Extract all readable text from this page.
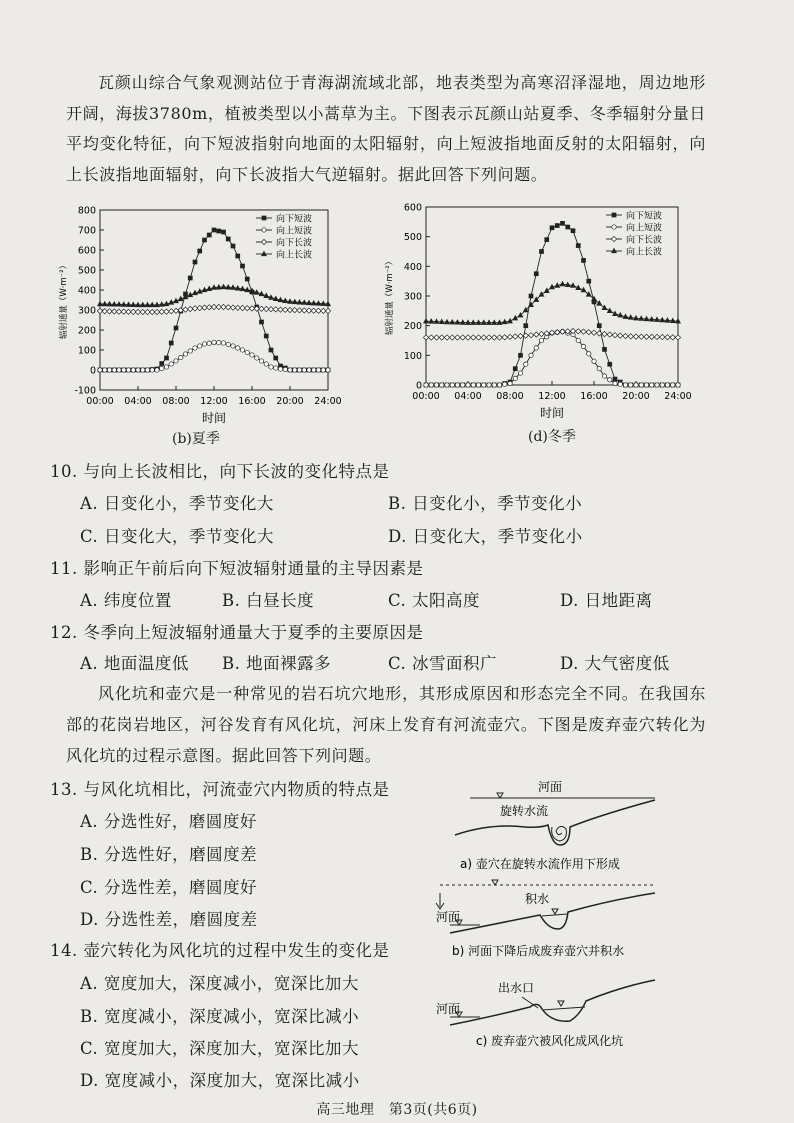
瓦颜山综合气象观测站位于青海湖流域北部，地表类型为高寒沼泽湿地，周边地形开阔，海拔3780m，植被类型以小蒿草为主。下图表示瓦颜山站夏季、冬季辐射分量日平均变化特征，向下短波指射向地面的太阳辐射，向上短波指地面反射的太阳辐射，向上长波指地面辐射，向下长波指大气逆辐射。据此回答下列问题。
800
700
600
500
400
300
200
100
0
-100
00:00 04:00 08:00 12:00 16:00 20:00 24:00
时间
辐射通量（W·m⁻²）
向下短波
向上短波
向下长波
向上长波
(b)夏季
600
500
400
300
200
100
0
00:00 04:00 08:00 12:00 16:00 20:00 24:00
时间
辐射通量（W·m⁻²）
向下短波
向上短波
向下长波
向上长波
(d)冬季
10. 与向上长波相比，向下长波的变化特点是
A. 日变化小，季节变化大	B. 日变化小，季节变化小
C. 日变化大，季节变化大	D. 日变化大，季节变化小
11. 影响正午前后向下短波辐射通量的主导因素是
A. 纬度位置	B. 白昼长度	C. 太阳高度	D. 日地距离
12. 冬季向上短波辐射通量大于夏季的主要原因是
A. 地面温度低 B. 地面裸露多	C. 冰雪面积广	D. 大气密度低
风化坑和壶穴是一种常见的岩石坑穴地形，其形成原因和形态完全不同。在我国东部的花岗岩地区，河谷发育有风化坑，河床上发育有河流壶穴。下图是废弃壶穴转化为风化坑的过程示意图。据此回答下列问题。
13. 与风化坑相比，河流壶穴内物质的特点是
A. 分选性好，磨圆度好
B. 分选性好，磨圆度差
C. 分选性差，磨圆度好
D. 分选性差，磨圆度差
14. 壶穴转化为风化坑的过程中发生的变化是
A. 宽度加大，深度减小，宽深比加大
B. 宽度减小，深度减小，宽深比减小
C. 宽度加大，深度加大，宽深比加大
D. 宽度减小，深度加大，宽深比减小
河面
旋转水流
a) 壶穴在旋转水流作用下形成
积水
河面
b) 河面下降后成废弃壶穴并积水
出水口
河面
c) 废弃壶穴被风化成风化坑
高三地理　第3页(共6页)
